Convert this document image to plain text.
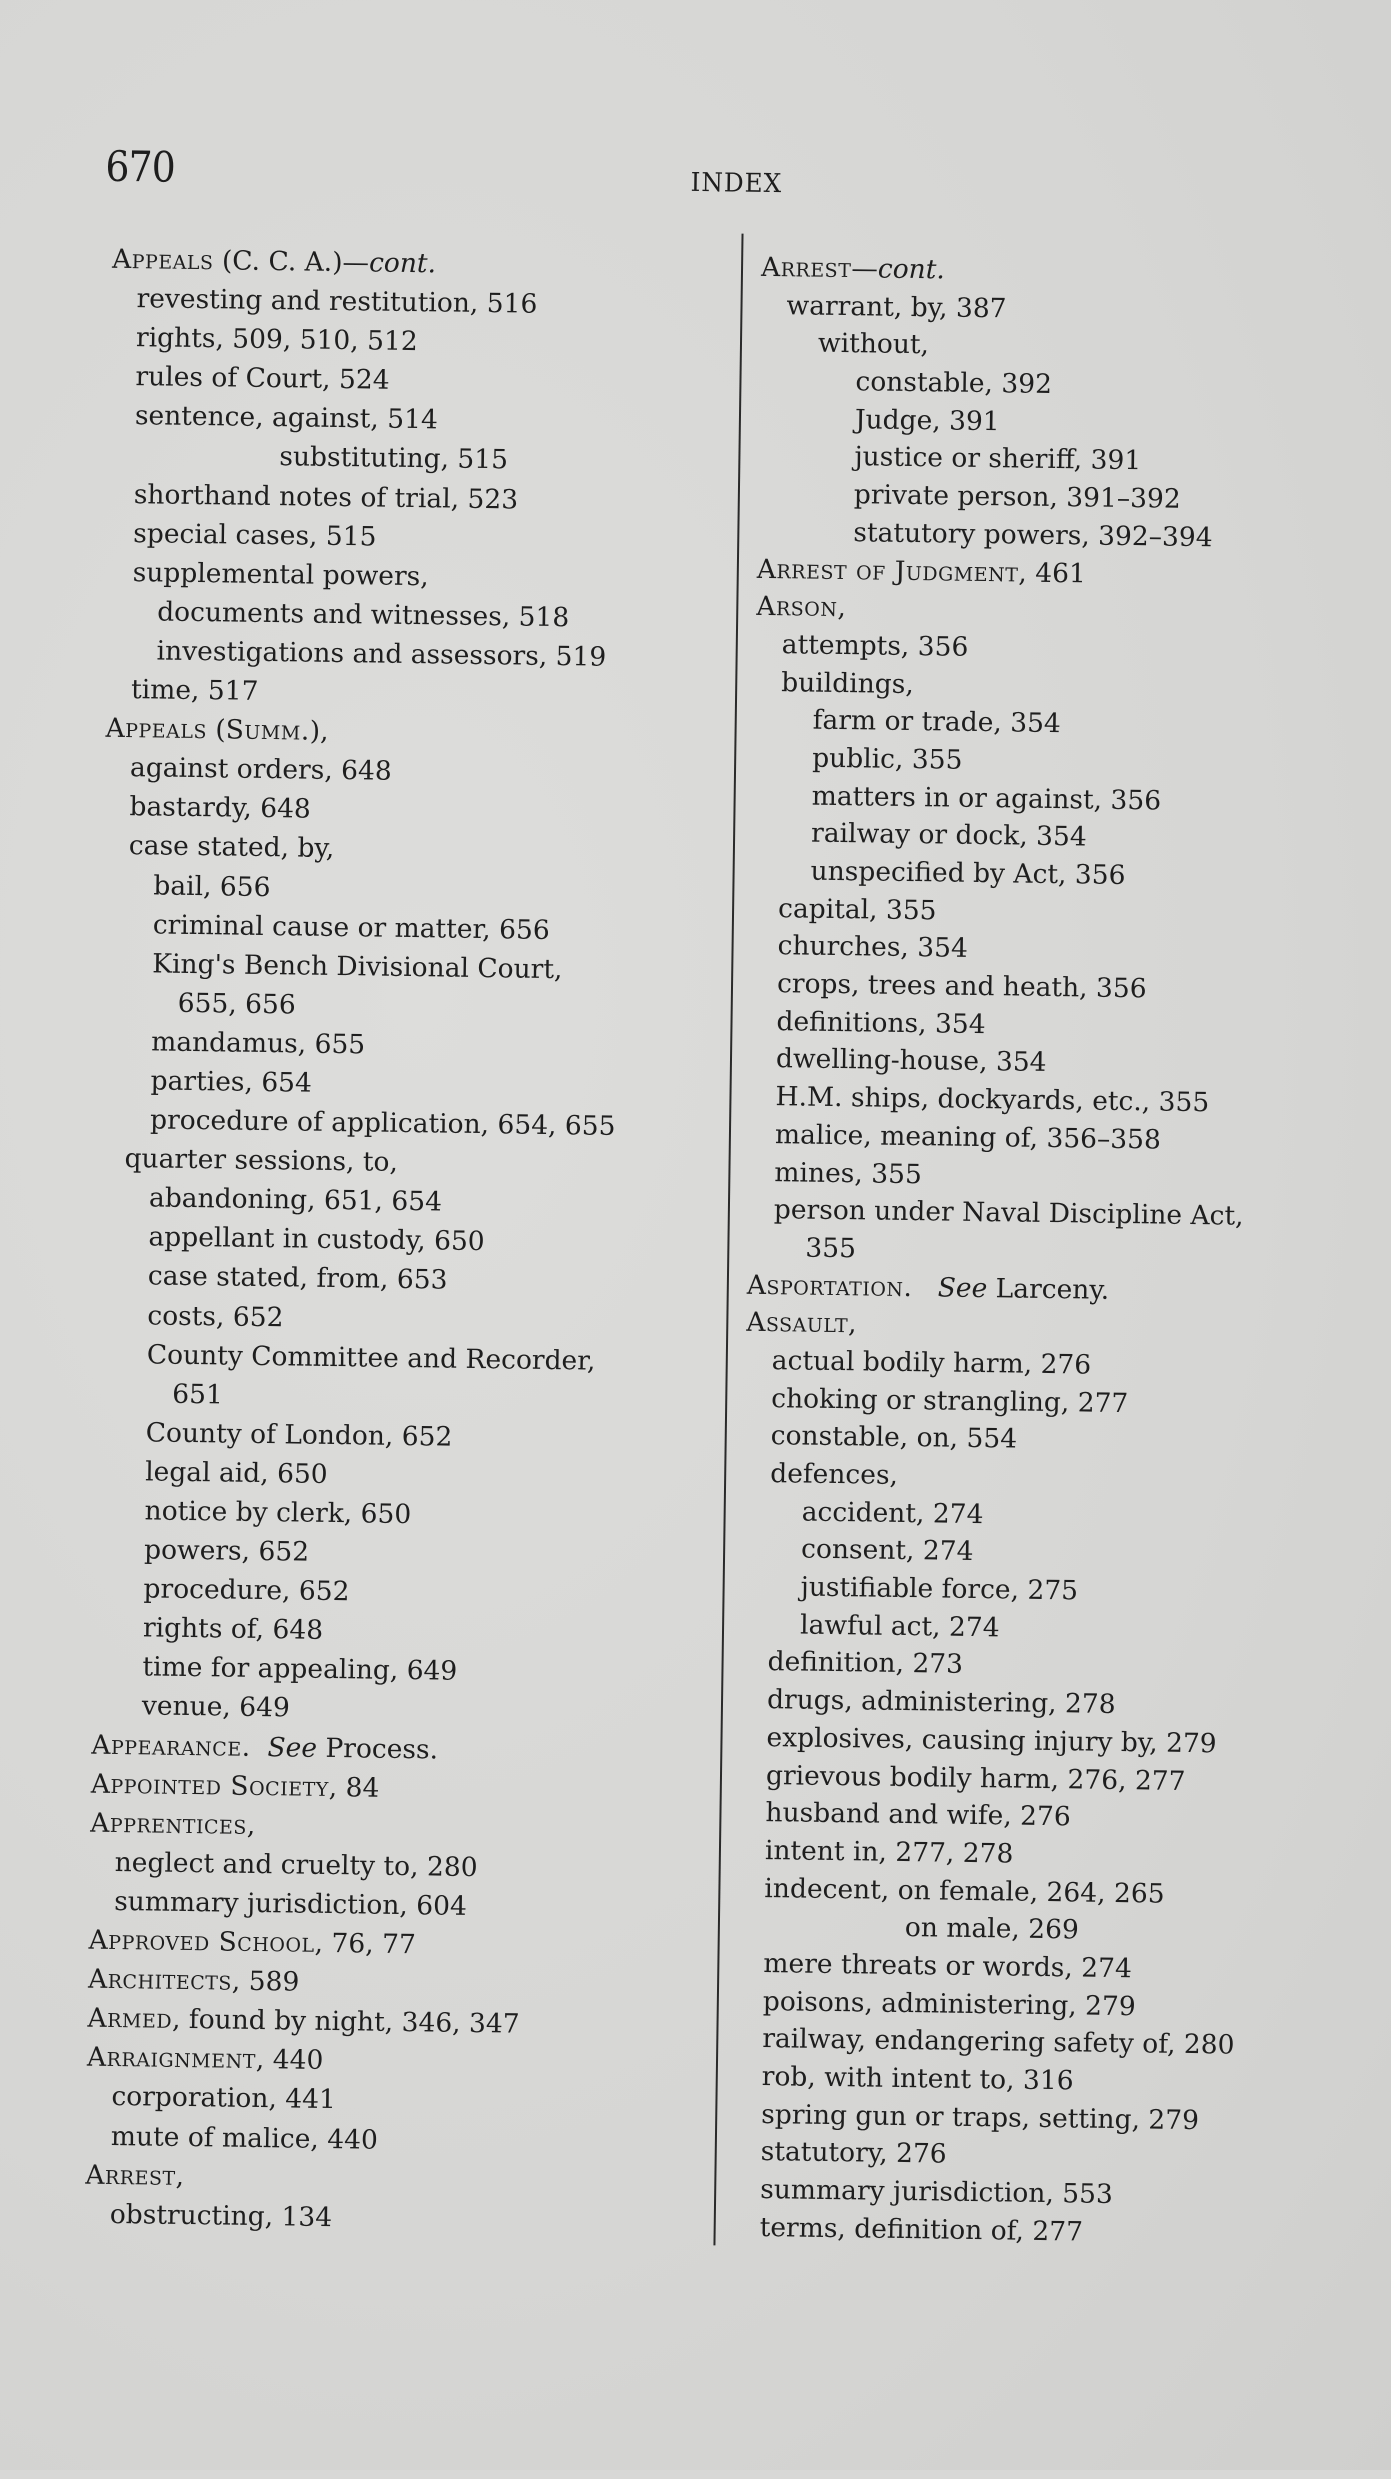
670	INDEX
Appeals (C. C. A.)—cont.
revesting and restitution, 516
rights, 509, 510, 512
rules of Court, 524
sentence, against, 514
substituting, 515
shorthand notes of trial, 523
special cases, 515
supplemental powers,
documents and witnesses, 518
investigations and assessors, 519
time, 517
Appeals (Summ.),
against orders, 648
bastardy, 648
case stated, by,
bail, 656
criminal cause or matter, 656
King's Bench Divisional Court,
655, 656
mandamus, 655
parties, 654
procedure of application, 654, 655
quarter sessions, to,
abandoning, 651, 654
appellant in custody, 650
case stated, from, 653
costs, 652
County Committee and Recorder,
651
County of London, 652
legal aid, 650
notice by clerk, 650
powers, 652
procedure, 652
rights of, 648
time for appealing, 649
venue, 649
Appearance. See Process.
Appointed Society, 84
Apprentices,
neglect and cruelty to, 280
summary jurisdiction, 604
Approved School, 76, 77
Architects, 589
Armed, found by night, 346, 347
Arraignment, 440
corporation, 441
mute of malice, 440
Arrest,
obstructing, 134
Arrest—cont.
warrant, by, 387
without,
constable, 392
Judge, 391
justice or sheriff, 391
private person, 391–392
statutory powers, 392–394
Arrest of Judgment, 461
Arson,
attempts, 356
buildings,
farm or trade, 354
public, 355
matters in or against, 356
railway or dock, 354
unspecified by Act, 356
capital, 355
churches, 354
crops, trees and heath, 356
definitions, 354
dwelling-house, 354
H.M. ships, dockyards, etc., 355
malice, meaning of, 356–358
mines, 355
person under Naval Discipline Act,
355
Asportation. See Larceny.
Assault,
actual bodily harm, 276
choking or strangling, 277
constable, on, 554
defences,
accident, 274
consent, 274
justifiable force, 275
lawful act, 274
definition, 273
drugs, administering, 278
explosives, causing injury by, 279
grievous bodily harm, 276, 277
husband and wife, 276
intent in, 277, 278
indecent, on female, 264, 265
on male, 269
mere threats or words, 274
poisons, administering, 279
railway, endangering safety of, 280
rob, with intent to, 316
spring gun or traps, setting, 279
statutory, 276
summary jurisdiction, 553
terms, definition of, 277
